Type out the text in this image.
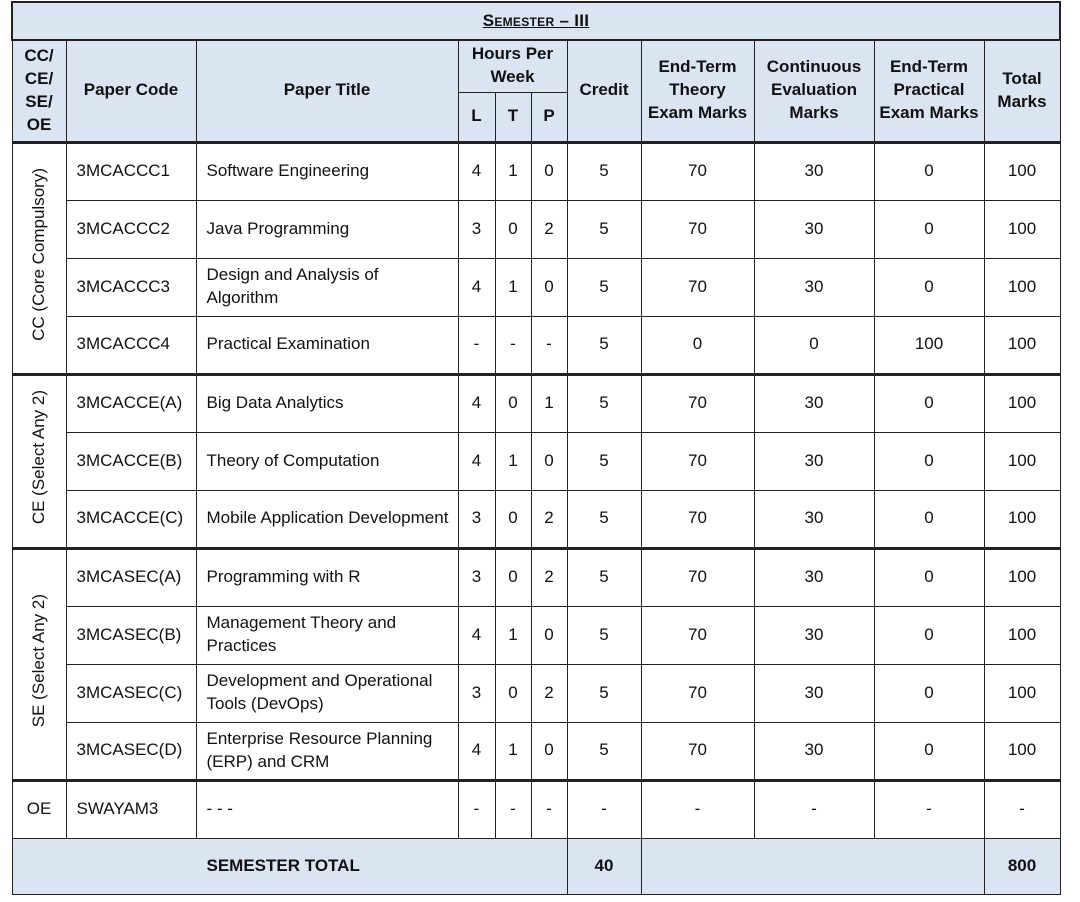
Semester – III										
CC/ CE/ SE/ OE	Paper Code	Paper Title	Hours Per Week			Credit	End-Term Theory Exam Marks	Continuous Evaluation Marks	End-Term Practical Exam Marks	Total Marks
			L	T	P					
CC (Core Compulsory)	3MCACCC1	Software Engineering	4	1	0	5	70	30	0	100
	3MCACCC2	Java Programming	3	0	2	5	70	30	0	100
	3MCACCC3	Design and Analysis of Algorithm	4	1	0	5	70	30	0	100
	3MCACCC4	Practical Examination	-	-	-	5	0	0	100	100
CE (Select Any 2)	3MCACCE(A)	Big Data Analytics	4	0	1	5	70	30	0	100
	3MCACCE(B)	Theory of Computation	4	1	0	5	70	30	0	100
	3MCACCE(C)	Mobile Application Development	3	0	2	5	70	30	0	100
SE (Select Any 2)	3MCASEC(A)	Programming with R	3	0	2	5	70	30	0	100
	3MCASEC(B)	Management Theory and Practices	4	1	0	5	70	30	0	100
	3MCASEC(C)	Development and Operational Tools (DevOps)	3	0	2	5	70	30	0	100
	3MCASEC(D)	Enterprise Resource Planning (ERP) and CRM	4	1	0	5	70	30	0	100
OE	SWAYAM3	- - -	-	-	-	-	-	-	-	-
SEMESTER TOTAL						40				800
